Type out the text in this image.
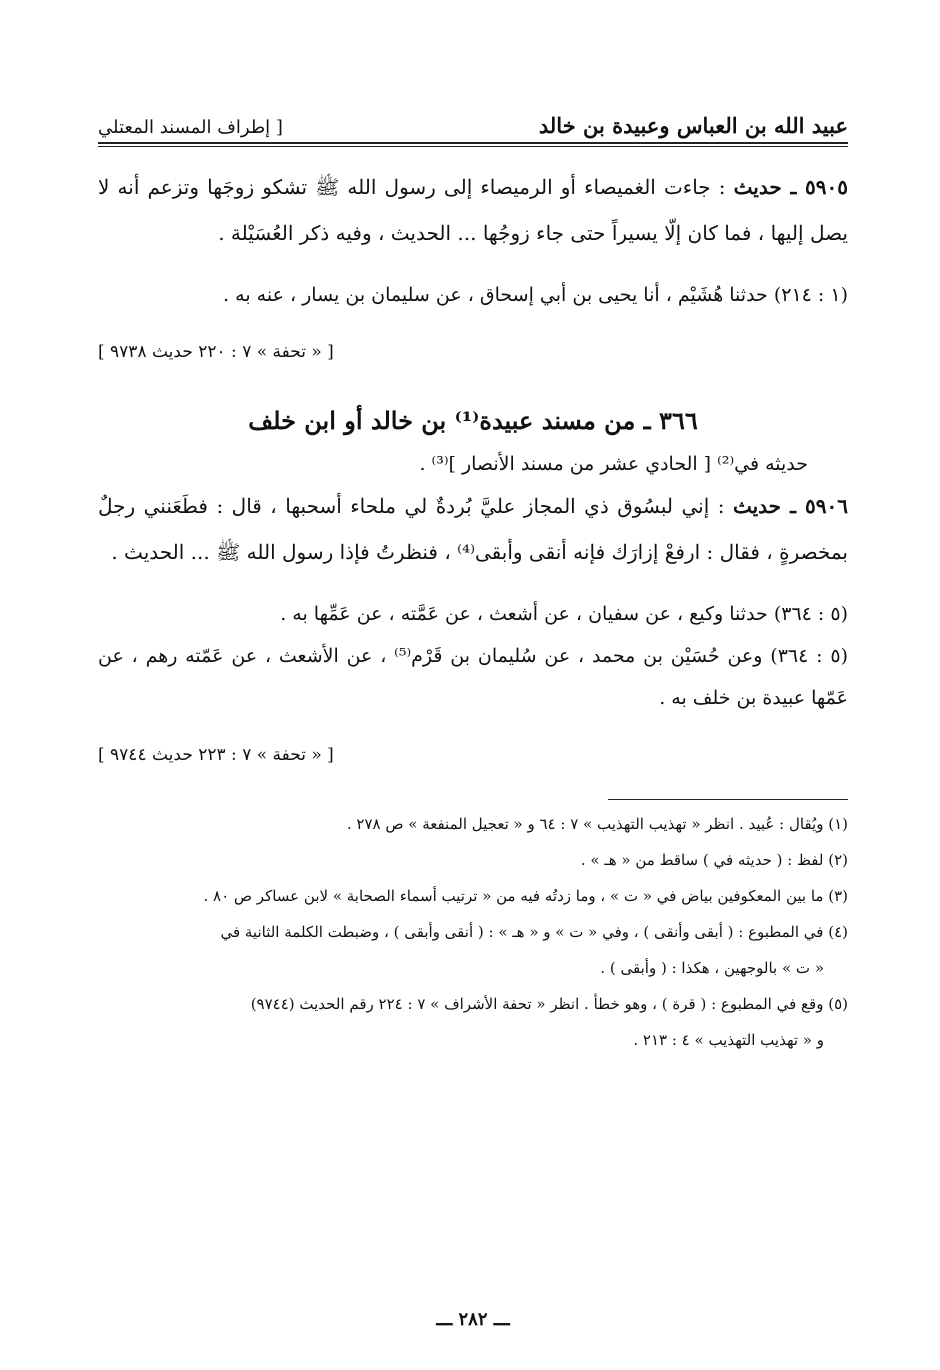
عبيد الله بن العباس وعبيدة بن خالد
[ إطراف المسند المعتلي

٥٩٠٥ ـ حديث : جاءت الغميصاء أو الرميصاء إلى رسول الله ﷺ تشكو زوجَها وتزعم أنه لا يصل إليها ، فما كان إلّا يسيراً حتى جاء زوجُها ... الحديث ، وفيه ذكر العُسَيْلة .

(١ : ٢١٤) حدثنا هُشَيْم ، أنا يحيى بن أبي إسحاق ، عن سليمان بن يسار ، عنه به .

[ « تحفة » ٧ : ٢٢٠ حديث ٩٧٣٨ ]

٣٦٦ ـ من مسند عبيدة⁽¹⁾ بن خالد أو ابن خلف

حديثه في⁽²⁾ [ الحادي عشر من مسند الأنصار ]⁽³⁾ .

٥٩٠٦ ـ حديث : إني لبسُوق ذي المجاز عليَّ بُردةٌ لي ملحاء أسحبها ، قال : فطَعَنني رجلٌ بمخصرةٍ ، فقال : ارفعْ إزارَك فإنه أنقى وأبقى⁽⁴⁾ ، فنظرتُ فإذا رسول الله ﷺ ... الحديث .

(٥ : ٣٦٤) حدثنا وكيع ، عن سفيان ، عن أشعث ، عن عَمَّته ، عن عَمِّها به .

(٥ : ٣٦٤) وعن حُسَيْن بن محمد ، عن سُليمان بن قَرْم⁽⁵⁾ ، عن الأشعث ، عن عَمّته رهم ، عن عَمّها عبيدة بن خلف به .

[ « تحفة » ٧ : ٢٢٣ حديث ٩٧٤٤ ]

(١) ويُقال : عُبيد . انظر « تهذيب التهذيب » ٧ : ٦٤ و « تعجيل المنفعة » ص ٢٧٨ .
(٢) لفظ : ( حديثه في ) ساقط من « هـ » .
(٣) ما بين المعكوفين بياض في « ت » ، وما زدتُه فيه من « ترتيب أسماء الصحابة » لابن عساكر ص ٨٠ .
(٤) في المطبوع : ( أبقى وأنقى ) ، وفي « ت » و « هـ » : ( أنقى وأبقى ) ، وضبطت الكلمة الثانية في
« ت » بالوجهين ، هكذا : ( وأبقى ) .
(٥) وقع في المطبوع : ( قرة ) ، وهو خطأ . انظر « تحفة الأشراف » ٧ : ٢٢٤ رقم الحديث (٩٧٤٤)
و « تهذيب التهذيب » ٤ : ٢١٣ .
ـــ ٢٨٢ ـــ
